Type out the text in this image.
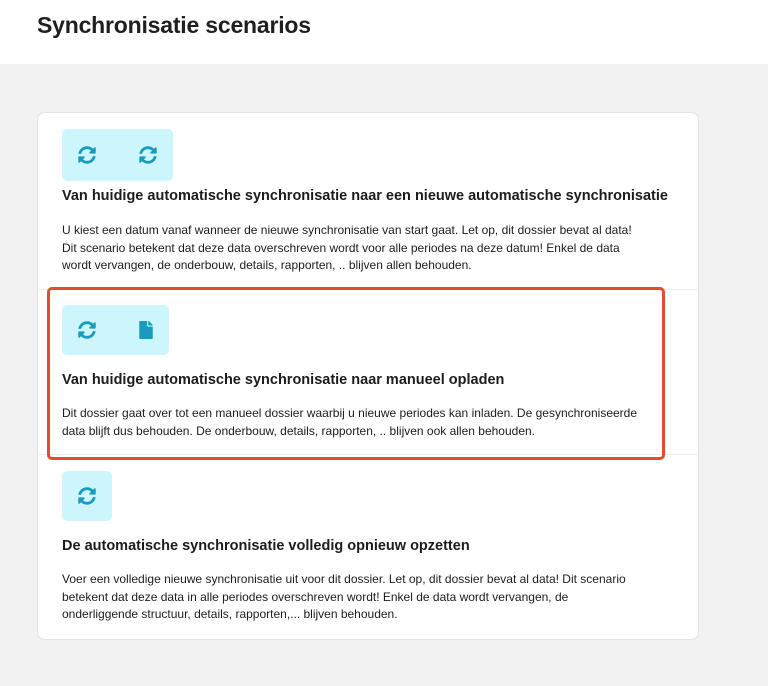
Synchronisatie scenarios
Van huidige automatische synchronisatie naar een nieuwe automatische synchronisatie
U kiest een datum vanaf wanneer de nieuwe synchronisatie van start gaat. Let op, dit dossier bevat al data!
Dit scenario betekent dat deze data overschreven wordt voor alle periodes na deze datum! Enkel de data
wordt vervangen, de onderbouw, details, rapporten, .. blijven allen behouden.
Van huidige automatische synchronisatie naar manueel opladen
Dit dossier gaat over tot een manueel dossier waarbij u nieuwe periodes kan inladen. De gesynchroniseerde
data blijft dus behouden. De onderbouw, details, rapporten, .. blijven ook allen behouden.
De automatische synchronisatie volledig opnieuw opzetten
Voer een volledige nieuwe synchronisatie uit voor dit dossier. Let op, dit dossier bevat al data! Dit scenario
betekent dat deze data in alle periodes overschreven wordt! Enkel de data wordt vervangen, de
onderliggende structuur, details, rapporten,... blijven behouden.
